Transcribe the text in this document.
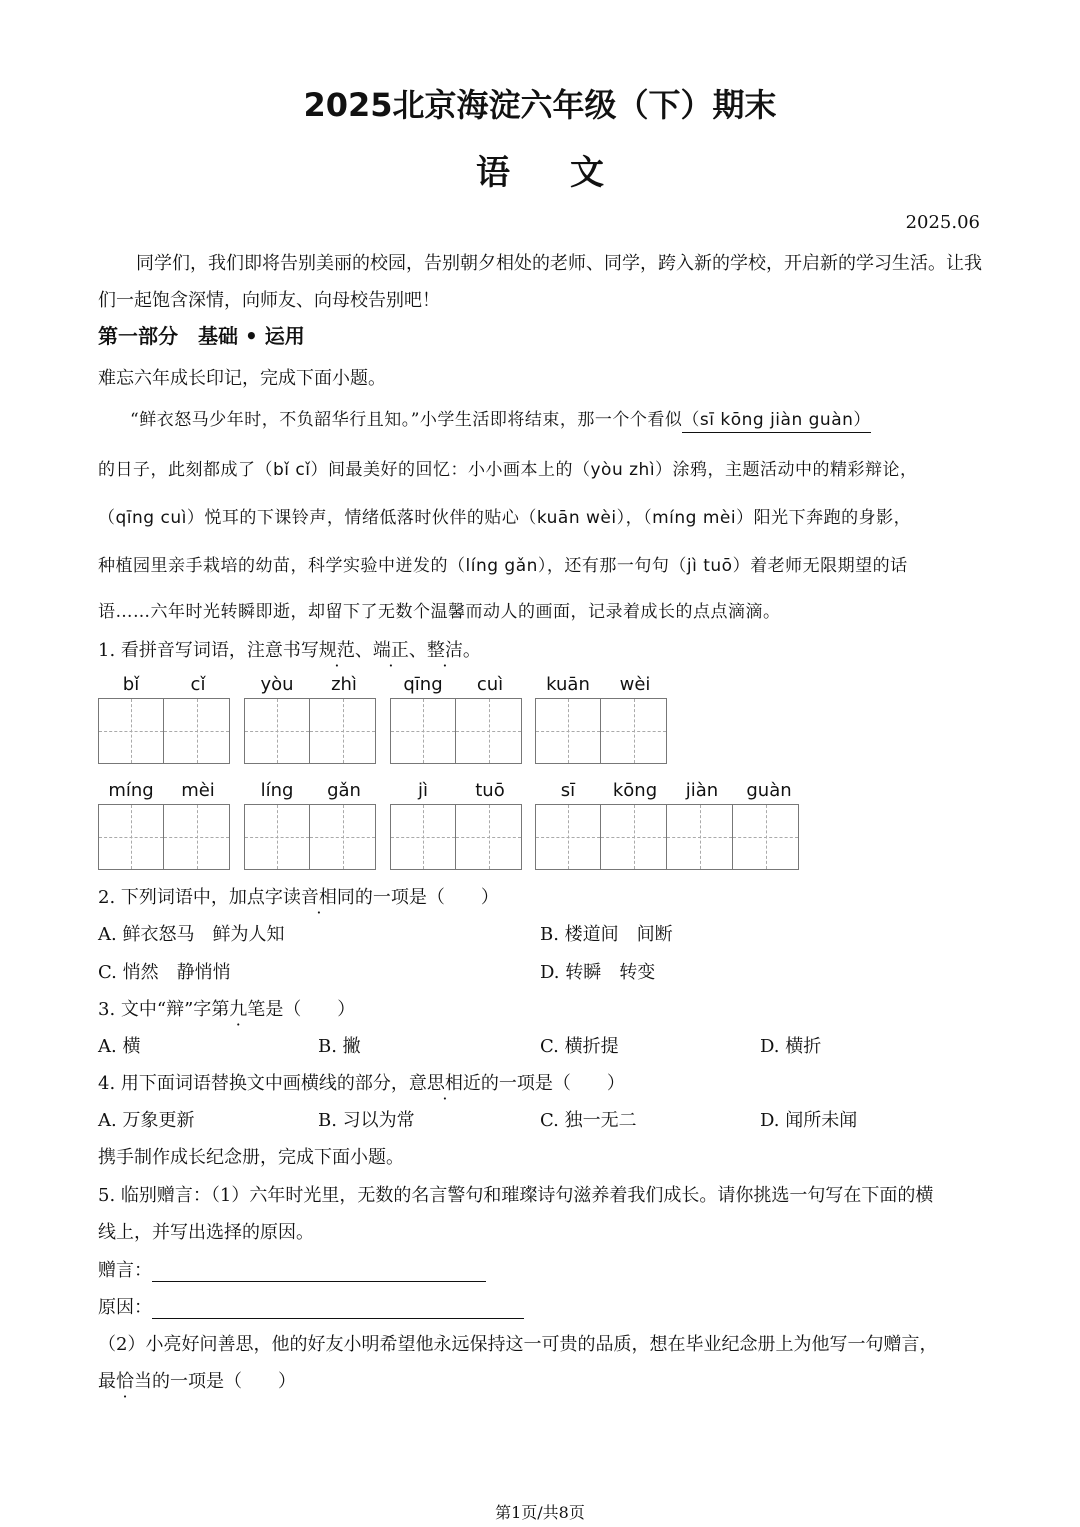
2025北京海淀六年级（下）期末
语文
2025.06
同学们，我们即将告别美丽的校园，告别朝夕相处的老师、同学，跨入新的学校，开启新的学习生活。让我们一起饱含深情，向师友、向母校告别吧！
第一部分　基础 • 运用
难忘六年成长印记，完成下面小题。
“鲜衣怒马少年时，不负韶华行且知。”小学生活即将结束，那一个个看似（sī kōng jiàn guàn）
的日子，此刻都成了（bǐ cǐ）间最美好的回忆：小小画本上的（yòu zhì）涂鸦，主题活动中的精彩辩论，
（qīng cuì）悦耳的下课铃声，情绪低落时伙伴的贴心（kuān wèi），（míng mèi）阳光下奔跑的身影，
种植园里亲手栽培的幼苗，科学实验中迸发的（líng gǎn），还有那一句句（jì tuō）着老师无限期望的话
语……六年时光转瞬即逝，却留下了无数个温馨而动人的画面，记录着成长的点点滴滴。
1. 看拼音写词语，注意书写规范、端正、整洁。
bǐ	cǐ	yòu	zhì	qīng	cuì	kuān	wèi
míng	mèi	líng	gǎn	jì	tuō	sī	kōng	jiàn	guàn
2. 下列词语中，加点字读音相同的一项是（　　）
A. 鲜衣怒马　鲜为人知	B. 楼道间　间断
C. 悄然　静悄悄	D. 转瞬　转变
3. 文中“辩”字第九笔是（　　）
A. 横	B. 撇	C. 横折提	D. 横折
4. 用下面词语替换文中画横线的部分，意思相近的一项是（　　）
A. 万象更新	B. 习以为常	C. 独一无二	D. 闻所未闻
携手制作成长纪念册，完成下面小题。
5. 临别赠言：（1）六年时光里，无数的名言警句和璀璨诗句滋养着我们成长。请你挑选一句写在下面的横
线上，并写出选择的原因。
赠言：
原因：
（2）小亮好问善思，他的好友小明希望他永远保持这一可贵的品质，想在毕业纪念册上为他写一句赠言，
最恰当的一项是（　　）
第1页/共8页
